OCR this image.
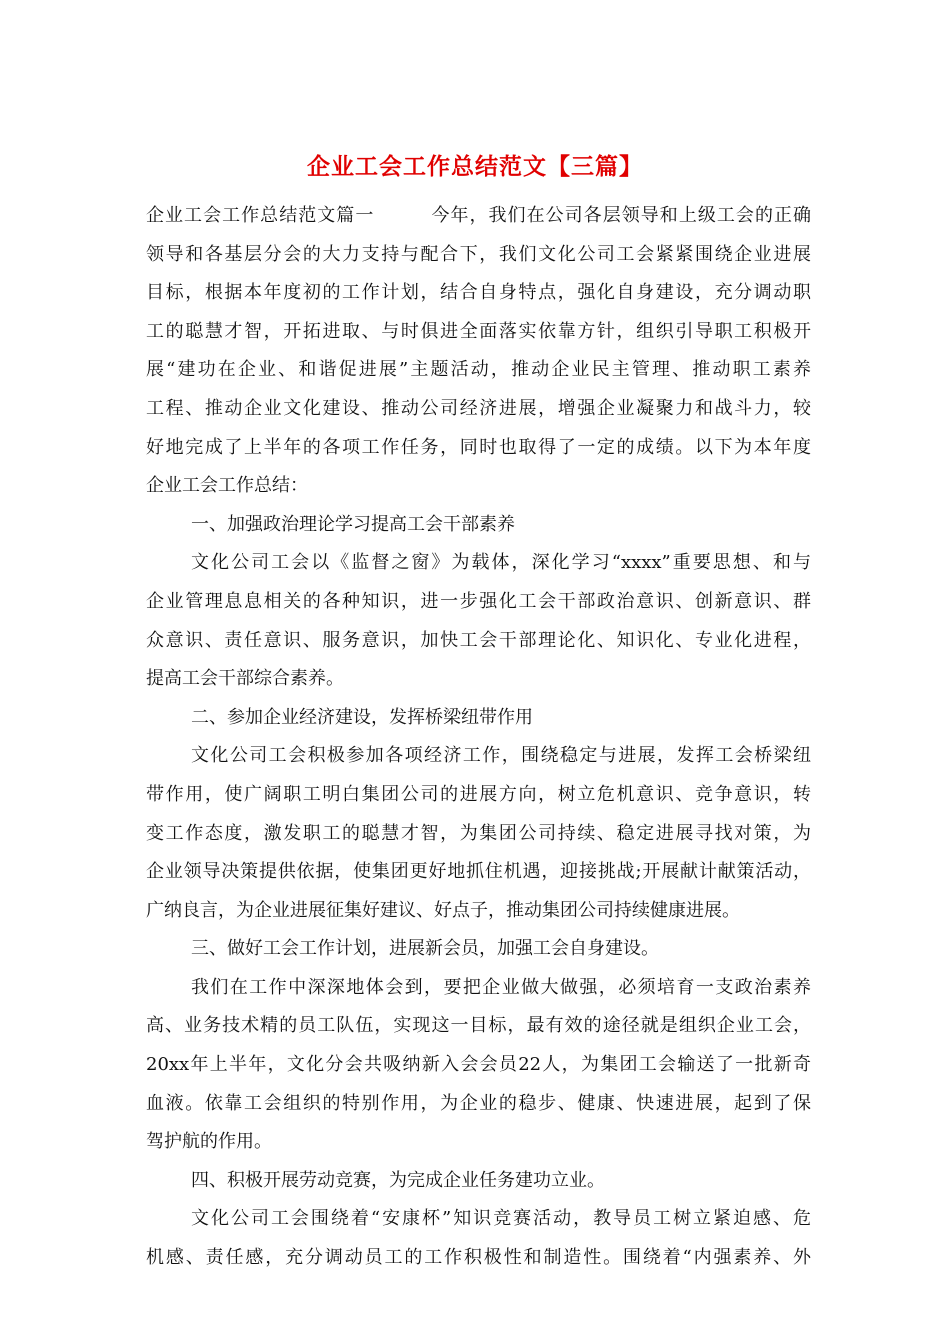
企业工会工作总结范文【三篇】
企业工会工作总结范文篇一　　　今年，我们在公司各层领导和上级工会的正确
领导和各基层分会的大力支持与配合下，我们文化公司工会紧紧围绕企业进展
目标，根据本年度初的工作计划，结合自身特点，强化自身建设，充分调动职
工的聪慧才智，开拓进取、与时俱进全面落实依靠方针，组织引导职工积极开
展“建功在企业、和谐促进展”主题活动，推动企业民主管理、推动职工素养
工程、推动企业文化建设、推动公司经济进展，增强企业凝聚力和战斗力，较
好地完成了上半年的各项工作任务，同时也取得了一定的成绩。以下为本年度
企业工会工作总结：
一、加强政治理论学习提高工会干部素养
文化公司工会以《监督之窗》为载体，深化学习“xxxx”重要思想、和与
企业管理息息相关的各种知识，进一步强化工会干部政治意识、创新意识、群
众意识、责任意识、服务意识，加快工会干部理论化、知识化、专业化进程，
提高工会干部综合素养。
二、参加企业经济建设，发挥桥梁纽带作用
文化公司工会积极参加各项经济工作，围绕稳定与进展，发挥工会桥梁纽
带作用，使广阔职工明白集团公司的进展方向，树立危机意识、竞争意识，转
变工作态度，激发职工的聪慧才智，为集团公司持续、稳定进展寻找对策，为
企业领导决策提供依据，使集团更好地抓住机遇，迎接挑战;开展献计献策活动，
广纳良言，为企业进展征集好建议、好点子，推动集团公司持续健康进展。
三、做好工会工作计划，进展新会员，加强工会自身建设。
我们在工作中深深地体会到，要把企业做大做强，必须培育一支政治素养
高、业务技术精的员工队伍，实现这一目标，最有效的途径就是组织企业工会，
20xx年上半年，文化分会共吸纳新入会会员22人，为集团工会输送了一批新奇
血液。依靠工会组织的特别作用，为企业的稳步、健康、快速进展，起到了保
驾护航的作用。
四、积极开展劳动竞赛，为完成企业任务建功立业。
文化公司工会围绕着“安康杯”知识竞赛活动，教导员工树立紧迫感、危
机感、责任感，充分调动员工的工作积极性和制造性。围绕着“内强素养、外
